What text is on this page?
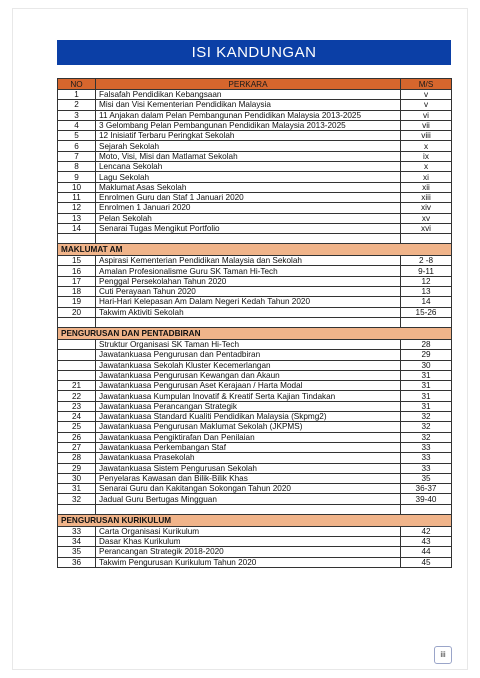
ISI KANDUNGAN
NO	PERKARA	M/S
1	Falsafah Pendidikan Kebangsaan	v
2	Misi dan Visi Kementerian Pendidikan Malaysia	v
3	11 Anjakan dalam Pelan Pembangunan Pendidikan Malaysia 2013-2025	vi
4	3 Gelombang Pelan Pembangunan Pendidikan Malaysia 2013-2025	vii
5	12 Inisiatif Terbaru Peringkat Sekolah	viii
6	Sejarah Sekolah	x
7	Moto, Visi, Misi dan Matlamat Sekolah	ix
8	Lencana Sekolah	x
9	Lagu Sekolah	xi
10	Maklumat Asas Sekolah	xii
11	Enrolmen Guru dan Staf 1 Januari 2020	xiii
12	Enrolmen 1 Januari 2020	xiv
13	Pelan Sekolah	xv
14	Senarai Tugas Mengikut Portfolio	xvi

MAKLUMAT AM		
15	Aspirasi Kementerian Pendidikan Malaysia dan Sekolah	2 -8
16	Amalan Profesionalisme Guru SK Taman Hi-Tech	9-11
17	Penggal Persekolahan Tahun 2020	12
18	Cuti Perayaan Tahun 2020	13
19	Hari-Hari Kelepasan Am Dalam Negeri Kedah Tahun 2020	14
20	Takwim Aktiviti Sekolah	15-26

PENGURUSAN DAN PENTADBIRAN		
	Struktur Organisasi SK Taman Hi-Tech	28
	Jawatankuasa Pengurusan dan Pentadbiran	29
	Jawatankuasa Sekolah Kluster Kecemerlangan	30
	Jawatankuasa Pengurusan Kewangan dan Akaun	31
21	Jawatankuasa Pengurusan Aset Kerajaan / Harta Modal	31
22	Jawatankuasa Kumpulan Inovatif & Kreatif Serta Kajian Tindakan	31
23	Jawatankuasa Perancangan Strategik	31
24	Jawatankuasa Standard Kualiti Pendidikan Malaysia (Skpmg2)	32
25	Jawatankuasa Pengurusan Maklumat Sekolah (JKPMS)	32
26	Jawatankuasa Pengiktirafan Dan Penilaian	32
27	Jawatankuasa Perkembangan Staf	33
28	Jawatankuasa Prasekolah	33
29	Jawatankuasa Sistem Pengurusan Sekolah	33
30	Penyelaras Kawasan dan Bilik-Bilik Khas	35
31	Senarai Guru dan Kakitangan Sokongan Tahun 2020	36-37
32	Jadual Guru Bertugas Mingguan	39-40

PENGURUSAN KURIKULUM		
33	Carta Organisasi Kurikulum	42
34	Dasar Khas Kurikulum	43
35	Perancangan Strategik 2018-2020	44
36	Takwim Pengurusan Kurikulum Tahun 2020	45
iii
